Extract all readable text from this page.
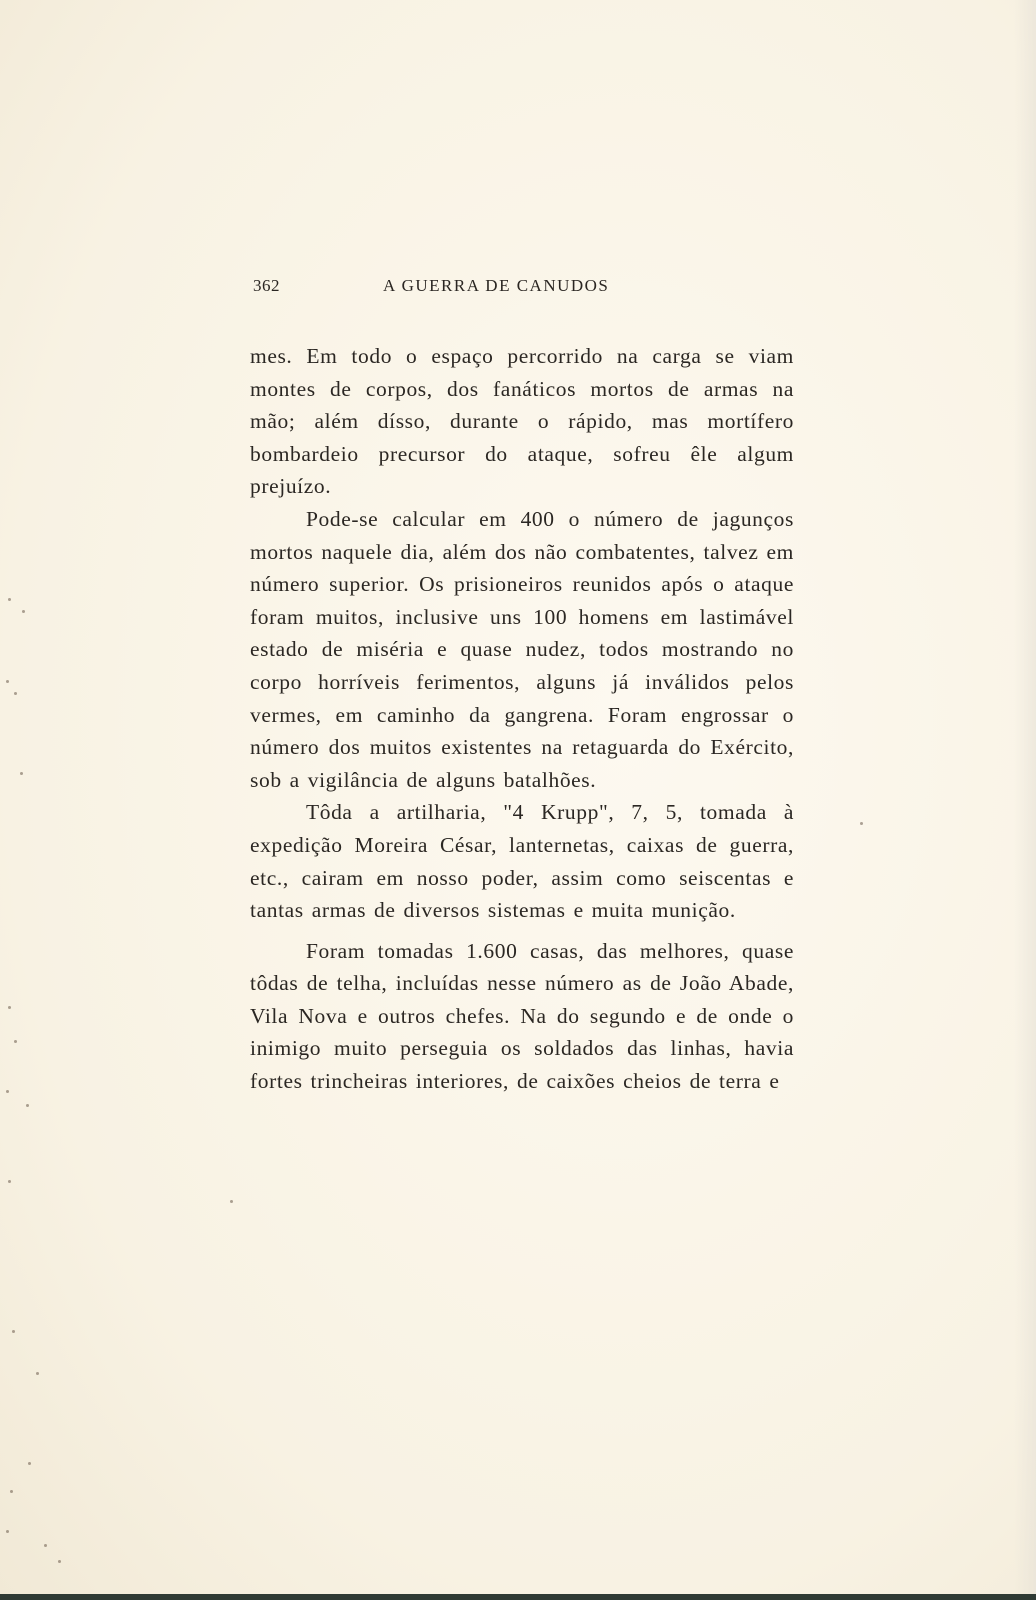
362	A GUERRA DE CANUDOS

mes. Em todo o espaço percorrido na carga se viam montes de corpos, dos fanáticos mortos de armas na mão; além dísso, durante o rápido, mas mortífero bombardeio precursor do ataque, sofreu êle algum prejuízo.

Pode-se calcular em 400 o número de jagunços mortos naquele dia, além dos não combatentes, talvez em número superior. Os prisioneiros reunidos após o ataque foram muitos, inclusive uns 100 homens em lastimável estado de miséria e quase nudez, todos mostrando no corpo horríveis ferimentos, alguns já inválidos pelos vermes, em caminho da gangrena. Foram engrossar o número dos muitos existentes na retaguarda do Exército, sob a vigilância de alguns batalhões.

Tôda a artilharia, "4 Krupp", 7, 5, tomada à expedição Moreira César, lanternetas, caixas de guerra, etc., cairam em nosso poder, assim como seiscentas e tantas armas de diversos sistemas e muita munição.

Foram tomadas 1.600 casas, das melhores, quase tôdas de telha, incluídas nesse número as de João Abade, Vila Nova e outros chefes. Na do segundo e de onde o inimigo muito perseguia os soldados das linhas, havia fortes trincheiras interiores, de caixões cheios de terra e
